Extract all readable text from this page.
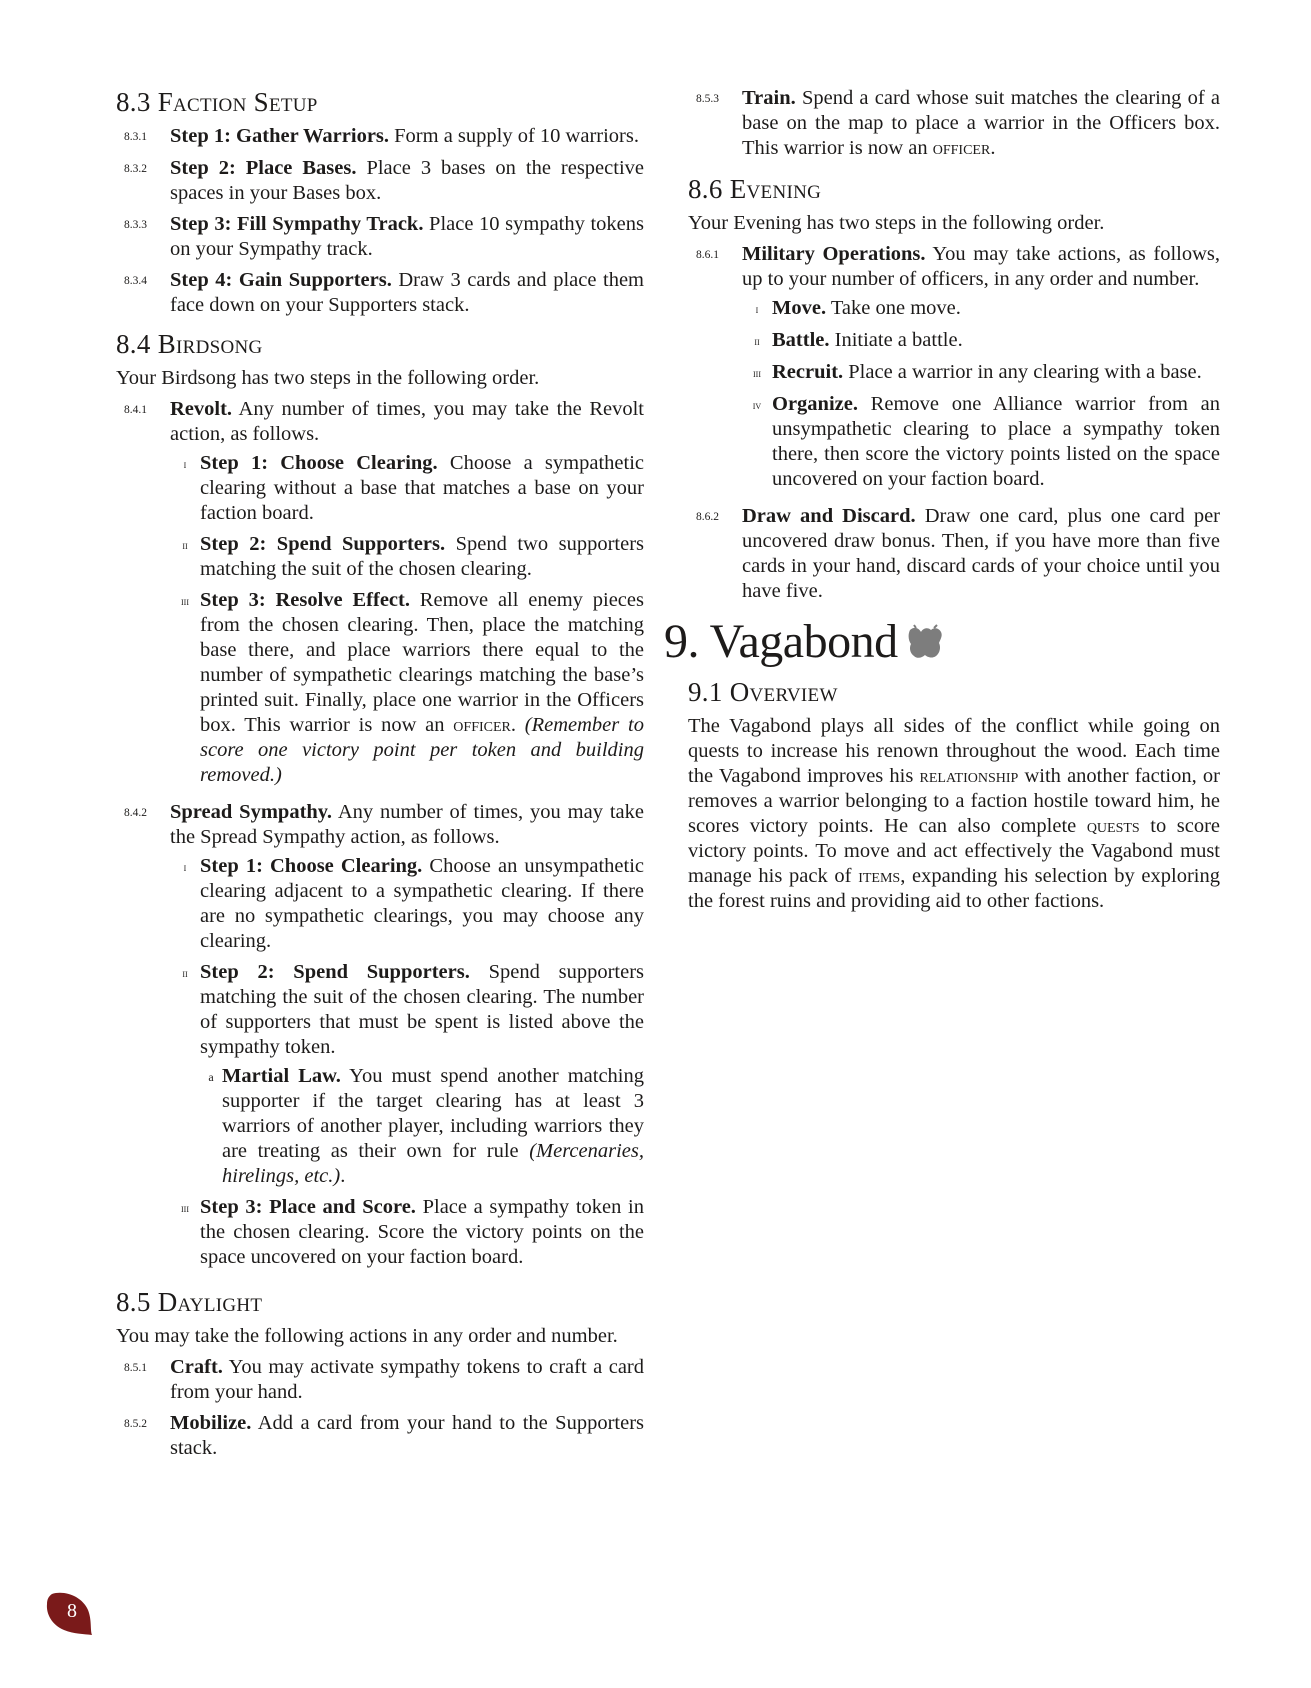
8.3 Faction Setup
8.3.1	Step 1: Gather Warriors. Form a supply of 10 warriors.

8.3.2	Step 2: Place Bases. Place 3 bases on the respective spaces in your Bases box.

8.3.3	Step 3: Fill Sympathy Track. Place 10 sympathy tokens on your Sympathy track.

8.3.4	Step 4: Gain Supporters. Draw 3 cards and place them face down on your Supporters stack.

8.4 Birdsong

Your Birdsong has two steps in the following order.

8.4.1	Revolt. Any number of times, you may take the Revolt action, as follows.

i Step 1: Choose Clearing. Choose a sympathetic clearing without a base that matches a base on your faction board.

ii Step 2: Spend Supporters. Spend two supporters matching the suit of the chosen clearing.

iii Step 3: Resolve Effect. Remove all enemy pieces from the chosen clearing. Then, place the matching base there, and place warriors there equal to the number of sympathetic clearings matching the base’s printed suit. Finally, place one warrior in the Officers box. This warrior is now an officer. (Remember to score one victory point per token and building removed.)

8.4.2	Spread Sympathy. Any number of times, you may take the Spread Sympathy action, as follows.

i Step 1: Choose Clearing. Choose an unsympathetic clearing adjacent to a sympathetic clearing. If there are no sympathetic clearings, you may choose any clearing.

ii Step 2: Spend Supporters. Spend supporters matching the suit of the chosen clearing. The number of supporters that must be spent is listed above the sympathy token.

a Martial Law. You must spend another matching supporter if the target clearing has at least 3 warriors of another player, including warriors they are treating as their own for rule (Mercenaries, hirelings, etc.).

iii Step 3: Place and Score. Place a sympathy token in the chosen clearing. Score the victory points on the space uncovered on your faction board.

8.5 Daylight

You may take the following actions in any order and number.

8.5.1	Craft. You may activate sympathy tokens to craft a card from your hand.

8.5.2	Mobilize. Add a card from your hand to the Supporters stack.

8.5.3	Train. Spend a card whose suit matches the clearing of a base on the map to place a warrior in the Officers box. This warrior is now an officer.

8.6 Evening

Your Evening has two steps in the following order.

8.6.1	Military Operations. You may take actions, as follows, up to your number of officers, in any order and number.

i Move. Take one move.

ii Battle. Initiate a battle.

iii Recruit. Place a warrior in any clearing with a base.

iv Organize. Remove one Alliance warrior from an unsympathetic clearing to place a sympathy token there, then score the victory points listed on the space uncovered on your faction board.

8.6.2	Draw and Discard. Draw one card, plus one card per uncovered draw bonus. Then, if you have more than five cards in your hand, discard cards of your choice until you have five.

9. Vagabond
9.1 Overview

The Vagabond plays all sides of the conflict while going on quests to increase his renown throughout the wood. Each time the Vagabond improves his relationship with another faction, or removes a warrior belonging to a faction hostile toward him, he scores victory points. He can also complete quests to score victory points. To move and act effectively the Vagabond must manage his pack of items, expanding his selection by exploring the forest ruins and providing aid to other factions.

8
